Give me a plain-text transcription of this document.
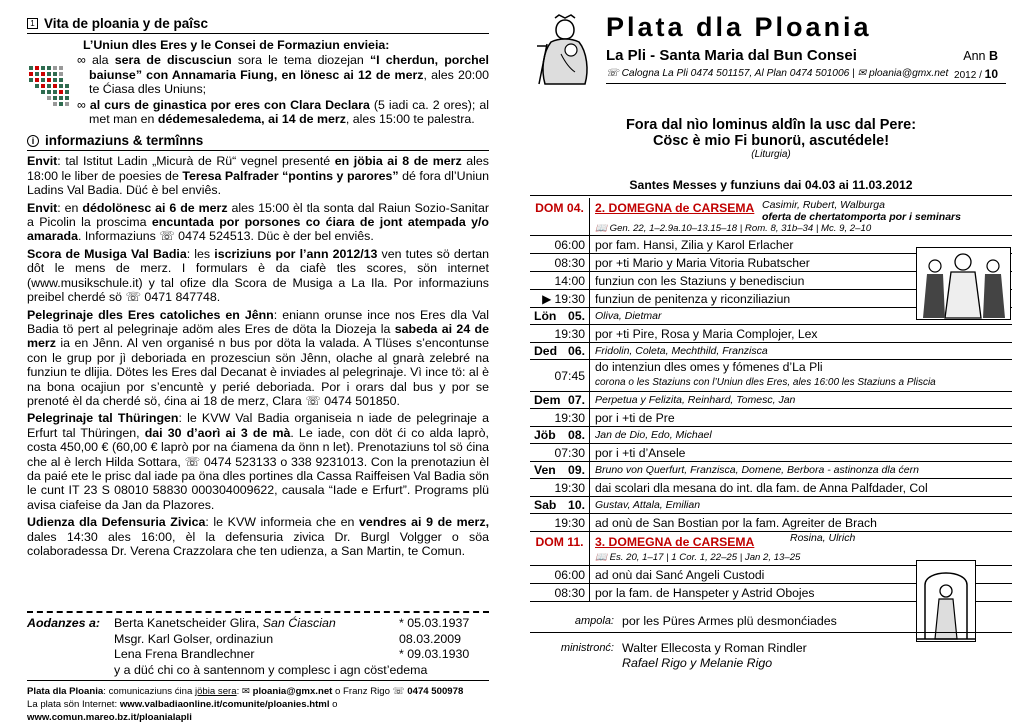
1 Vita de ploania y de paîsc
L’Uniun dles Eres y le Consei de Formaziun envieia:
∞ ala sera de discusciun sora le tema diozejan “I cherdun, porchel baiunse” con Annamaria Fiung, en lönesc ai 12 de merz, ales 20:00 te Ćiasa dles Uniuns;
∞ al curs de ginastica por eres con Clara Declara (5 iadi ca. 2 ores); al met man en dédemesaledema, ai 14 de merz, ales 15:00 te palestra.
i informaziuns & termînns

Envit: tal Istitut Ladin „Micurà de Rü“ vegnel presenté en jöbia ai 8 de merz ales 18:00 le liber de poesies de Teresa Palfrader “pontins y parores” dé fora dl’Uniun Ladins Val Badia. Düć è bel enviês.

Envit: en dédolönesc ai 6 de merz ales 15:00 èl tla sonta dal Raiun Sozio-Sanitar a Picolin la proscima encuntada por porsones co ćiara de jont atempada y/o amarada. Informaziuns ☏ 0474 524513. Düc è der bel enviês.

Scora de Musiga Val Badia: les iscriziuns por l’ann 2012/13 ven tutes sö dertan dôt le mens de merz. I formulars è da ciafè tles scores, sön internet (www.musikschule.it) y tal ofize dla Scora de Musiga a La Ila. Por informaziuns preibel cherdé sö ☏ 0471 847748.

Pelegrinaje dles Eres catoliches en Jênn: eniann orunse ince nos Eres dla Val Badia tö pert al pelegrinaje adöm ales Eres de döta la Diozeja la sabeda ai 24 de merz ia en Jênn. Al ven organisé n bus por döta la valada. A Tlüses s’encontunse con le grup por jì deboriada en prozesciun sön Jênn, olache al gnarà zelebré na funziun te dlijia. Dötes les Eres dal Decanat è inviades al pelegrinaje. Vì ince tö: al è na bona ocajiun por s’encuntè y perié deboriada. Por i orars dal bus y por se prenoté èl da cherdé sö, ćina ai 18 de merz, Clara ☏ 0474 501850.

Pelegrinaje tal Thüringen: le KVW Val Badia organiseia n iade de pelegrinaje a Erfurt tal Thüringen, dai 30 d’aorì ai 3 de mà. Le iade, con döt ći co alda laprò, costa 450,00 € (60,00 € laprò por na ćiamena da önn n let). Prenotaziuns tol sö ćina che al è lerch Hilda Sottara, ☏ 0474 523133 o 338 9231013. Con la prenotaziun èl da paié ete le prisc dal iade pa öna dles portines dla Cassa Raiffeisen Val Badia sön le cunt IT 23 S 08010 58830 000304009622, causala “Iade e Erfurt”. Programs plü avisa ciafeise da Jan da Plazores.

Udienza dla Defensuria Zivica: le KVW informeia che en vendres ai 9 de merz, dales 14:30 ales 16:00, èl la defensuria zivica Dr. Burgl Volgger o söa colaboradessa Dr. Verena Crazzolara che ten udienza, a San Martin, te Comun.

Aodanzes a:	Berta Kanetscheider Glira, San Ćiascian	* 05.03.1937
Msgr. Karl Golser, ordinaziun	08.03.2009
Lena Frena Brandlechner	* 09.03.1930
y a düć chi co à santennom y complesc i agn cöst’edema
Plata dla Ploania: comunicaziuns ćina jöbia sera: ✉ ploania@gmx.net o Franz Rigo ☏ 0474 500978
La plata sön Internet: www.valbadiaonline.it/comunite/ploanies.html o www.comun.mareo.bz.it/ploanialapli
Plata dla Ploania
La Pli - Santa Maria dal Bun Consei	Ann B
☏ Calogna La Pli 0474 501157, Al Plan 0474 501006 | ✉ ploania@gmx.net 2012 / 10
Fora dal nìo lominus aldîn la usc dal Pere:
Cösc è mio Fi bunorü, ascutédele!
(Liturgia)
Santes Messes y funziuns dai 04.03 ai 11.03.2012
DOM 04. 2. DOMEGNA de CARSEMA Casimir, Rubert, Walburga
oferta de chertatomporta por i seminars
📖 Gen. 22, 1–2.9a.10–13.15–18 | Rom. 8, 31b–34 | Mc. 9, 2–10
06:00 por fam. Hansi, Zilia y Karol Erlacher
08:30 por +ti Mario y Maria Vitoria Rubatscher
14:00 funziun con les Staziuns y benedisciun
▶ 19:30 funziun de penitenza y riconziliaziun
Lön 05. Oliva, Dietmar
19:30 por +ti Pire, Rosa y Maria Complojer, Lex
Ded 06. Fridolin, Coleta, Mechthild, Franzisca
07:45
do intenziun dles omes y fómenes d’La Pli
corona o les Staziuns con l’Uniun dles Eres, ales 16:00 les Staziuns a Pliscia
Dem 07. Perpetua y Felizita, Reinhard, Tomesc, Jan
19:30 por i +ti de Pre
Jöb 08. Jan de Dio, Edo, Michael
07:30 por i +ti d’Ansele
Ven 09. Bruno von Querfurt, Franzisca, Domene, Berbora - astinonza dla ćern
19:30 dai scolari dla mesana do int. dla fam. de Anna Palfdader, Col
Sab 10. Gustav, Attala, Emilian
19:30 ad onù de San Bostian por la fam. Agreiter de Brach
DOM 11. 3. DOMEGNA de CARSEMA	Rosina, Ulrich
📖 Es. 20, 1–17 | 1 Cor. 1, 22–25 | Jan 2, 13–25
06:00 ad onù dai Sanć Angeli Custodi
08:30 por la fam. de Hanspeter y Astrid Obojes
ampola: por les Püres Armes plü desmonćiades
ministronć: Walter Ellecosta y Roman Rindler
Rafael Rigo y Melanie Rigo
